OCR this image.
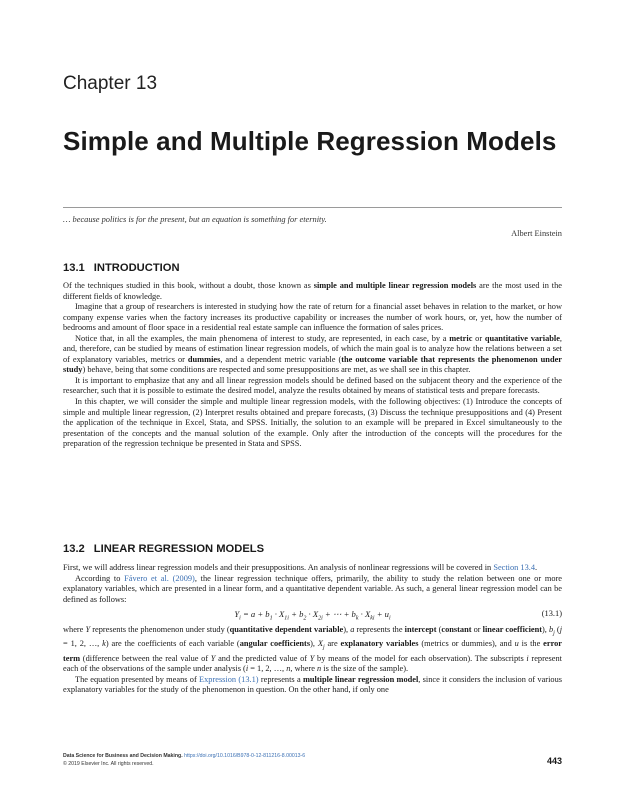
Chapter 13
Simple and Multiple Regression Models
… because politics is for the present, but an equation is something for eternity.
Albert Einstein
13.1 INTRODUCTION

Of the techniques studied in this book, without a doubt, those known as simple and multiple linear regression models are the most used in the different fields of knowledge.

Imagine that a group of researchers is interested in studying how the rate of return for a financial asset behaves in relation to the market, or how company expense varies when the factory increases its productive capability or increases the number of work hours, or, yet, how the number of bedrooms and amount of floor space in a residential real estate sample can influence the formation of sales prices.

Notice that, in all the examples, the main phenomena of interest to study, are represented, in each case, by a metric or quantitative variable, and, therefore, can be studied by means of estimation linear regression models, of which the main goal is to analyze how the relations between a set of explanatory variables, metrics or dummies, and a dependent metric variable (the outcome variable that represents the phenomenon under study) behave, being that some conditions are respected and some presuppositions are met, as we shall see in this chapter.

It is important to emphasize that any and all linear regression models should be defined based on the subjacent theory and the experience of the researcher, such that it is possible to estimate the desired model, analyze the results obtained by means of statistical tests and prepare forecasts.

In this chapter, we will consider the simple and multiple linear regression models, with the following objectives: (1) Introduce the concepts of simple and multiple linear regression, (2) Interpret results obtained and prepare forecasts, (3) Discuss the technique presuppositions and (4) Present the application of the technique in Excel, Stata, and SPSS. Initially, the solution to an example will be prepared in Excel simultaneously to the presentation of the concepts and the manual solution of the example. Only after the introduction of the concepts will the procedures for the preparation of the regression technique be presented in Stata and SPSS.

13.2 LINEAR REGRESSION MODELS

First, we will address linear regression models and their presuppositions. An analysis of nonlinear regressions will be covered in Section 13.4.

According to Fávero et al. (2009), the linear regression technique offers, primarily, the ability to study the relation between one or more explanatory variables, which are presented in a linear form, and a quantitative dependent variable. As such, a general linear regression model can be defined as follows:

$Y_i = a + b_1 \cdot X_{1i} + b_2 \cdot X_{2i}$ + ⋯ + $b_k \cdot X_{ki} + u_i$
(13.1)

where Y represents the phenomenon under study (quantitative dependent variable), a represents the intercept (constant or linear coefficient), $b_j$ (j = 1, 2, …, k) are the coefficients of each variable (angular coefficients), $X_j$ are explanatory variables (metrics or dummies), and u is the error term (difference between the real value of Y and the predicted value of Y by means of the model for each observation). The subscripts i represent each of the observations of the sample under analysis (i = 1, 2, …, n, where n is the size of the sample).

The equation presented by means of Expression (13.1) represents a multiple linear regression model, since it considers the inclusion of various explanatory variables for the study of the phenomenon in question. On the other hand, if only one

Data Science for Business and Decision Making. https://doi.org/10.1016/B978-0-12-811216-8.00013-6
© 2019 Elsevier Inc. All rights reserved.	443
